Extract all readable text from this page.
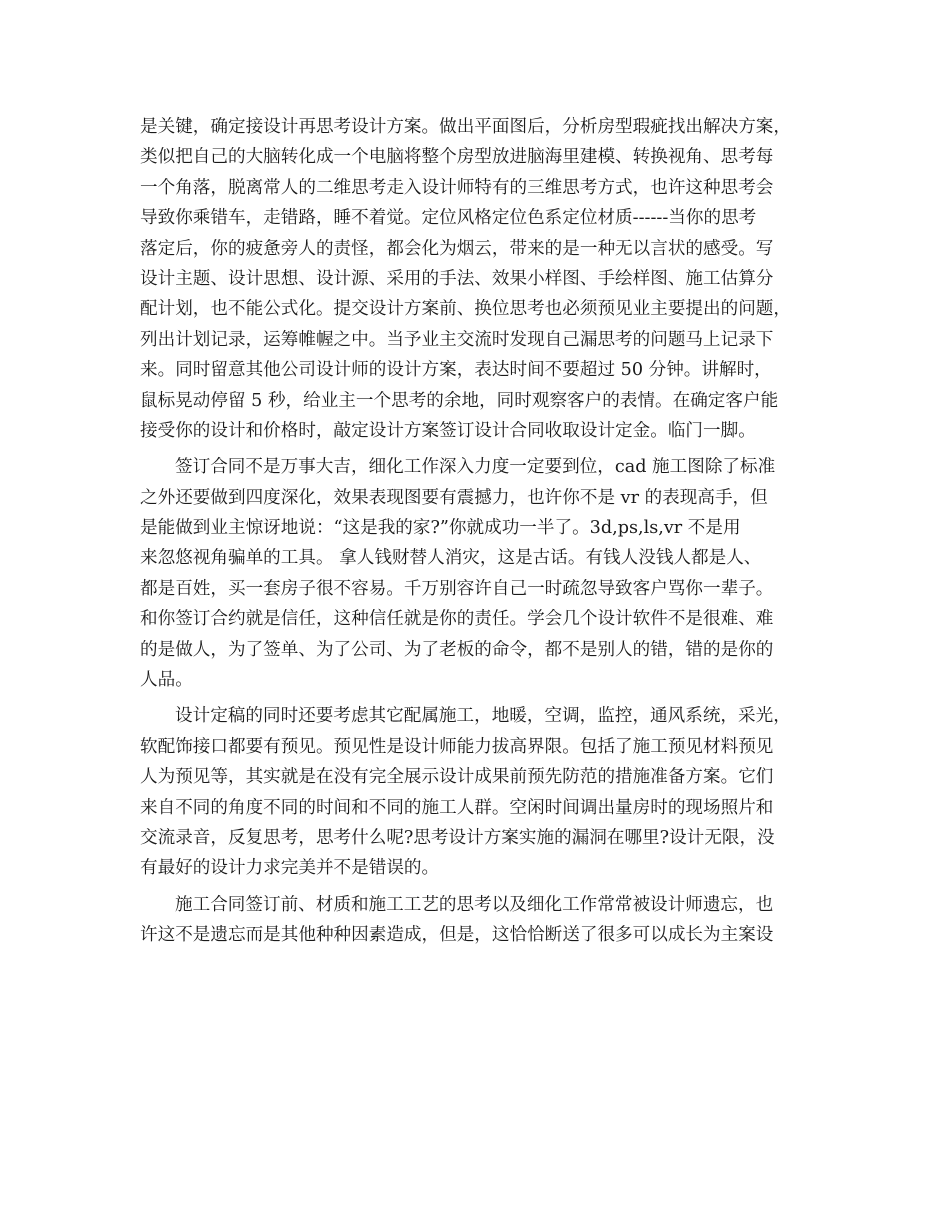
是关键，确定接设计再思考设计方案。做出平面图后，分析房型瑕疵找出解决方案，
类似把自己的大脑转化成一个电脑将整个房型放进脑海里建模、转换视角、思考每
一个角落，脱离常人的二维思考走入设计师特有的三维思考方式，也许这种思考会
导致你乘错车，走错路，睡不着觉。定位风格定位色系定位材质------当你的思考
落定后，你的疲惫旁人的责怪，都会化为烟云，带来的是一种无以言状的感受。写
设计主题、设计思想、设计源、采用的手法、效果小样图、手绘样图、施工估算分
配计划，也不能公式化。提交设计方案前、换位思考也必须预见业主要提出的问题，
列出计划记录，运筹帷幄之中。当予业主交流时发现自己漏思考的问题马上记录下
来。同时留意其他公司设计师的设计方案，表达时间不要超过 50 分钟。讲解时，
鼠标晃动停留 5 秒，给业主一个思考的余地，同时观察客户的表情。在确定客户能
接受你的设计和价格时，敲定设计方案签订设计合同收取设计定金。临门一脚。

签订合同不是万事大吉，细化工作深入力度一定要到位，cad 施工图除了标准
之外还要做到四度深化，效果表现图要有震撼力，也许你不是 vr 的表现高手，但
是能做到业主惊讶地说：“这是我的家?”你就成功一半了。3d,ps,ls,vr 不是用
来忽悠视角骗单的工具。 拿人钱财替人消灾，这是古话。有钱人没钱人都是人、
都是百姓，买一套房子很不容易。千万别容许自己一时疏忽导致客户骂你一辈子。
和你签订合约就是信任，这种信任就是你的责任。学会几个设计软件不是很难、难
的是做人，为了签单、为了公司、为了老板的命令，都不是别人的错，错的是你的
人品。

设计定稿的同时还要考虑其它配属施工，地暖，空调，监控，通风系统，采光，
软配饰接口都要有预见。预见性是设计师能力拔高界限。包括了施工预见材料预见
人为预见等，其实就是在没有完全展示设计成果前预先防范的措施准备方案。它们
来自不同的角度不同的时间和不同的施工人群。空闲时间调出量房时的现场照片和
交流录音，反复思考，思考什么呢?思考设计方案实施的漏洞在哪里?设计无限，没
有最好的设计力求完美并不是错误的。

施工合同签订前、材质和施工工艺的思考以及细化工作常常被设计师遗忘，也
许这不是遗忘而是其他种种因素造成，但是，这恰恰断送了很多可以成长为主案设
